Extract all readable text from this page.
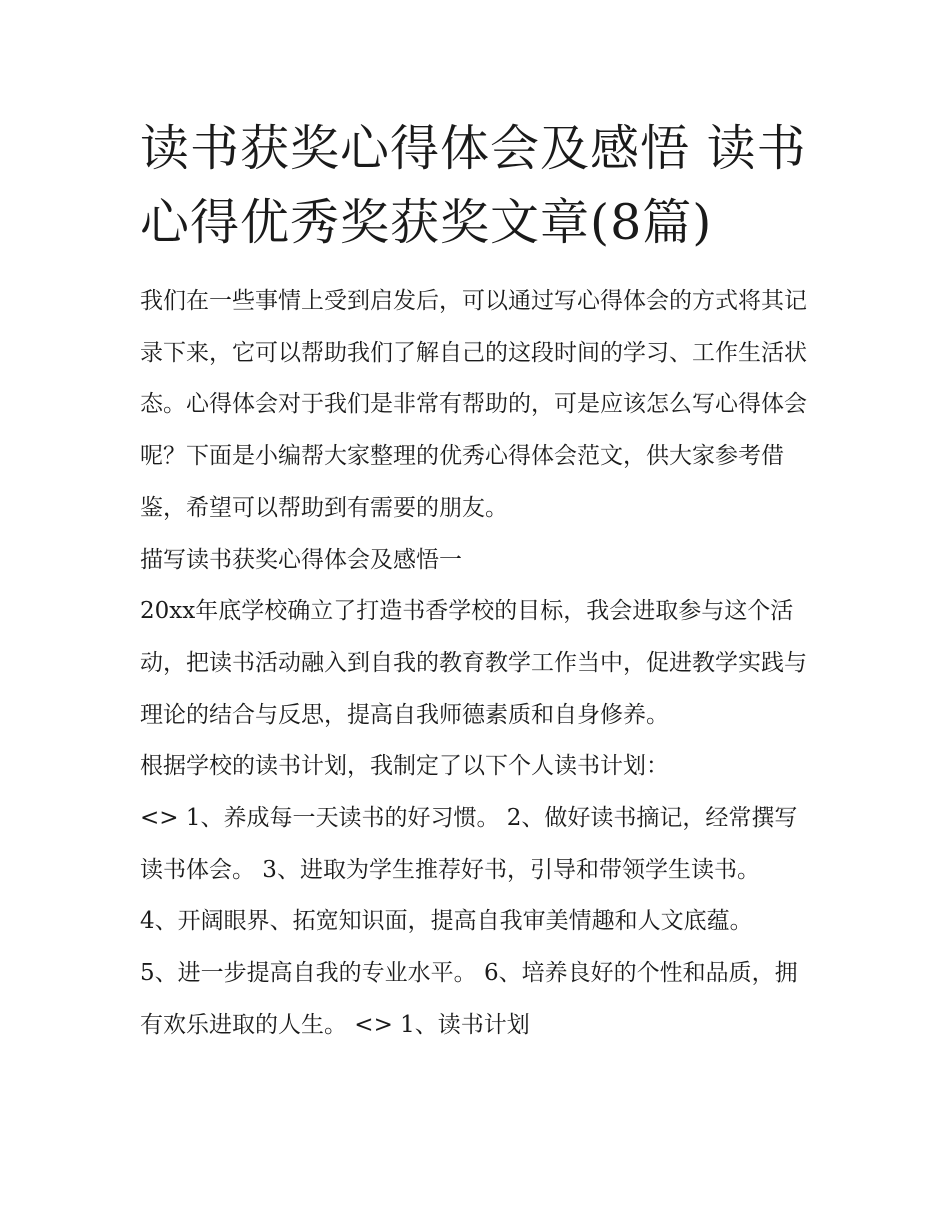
读书获奖心得体会及感悟 读书
心得优秀奖获奖文章(8篇)

我们在一些事情上受到启发后，可以通过写心得体会的方式将其记录下来，它可以帮助我们了解自己的这段时间的学习、工作生活状态。心得体会对于我们是非常有帮助的，可是应该怎么写心得体会呢？下面是小编帮大家整理的优秀心得体会范文，供大家参考借鉴，希望可以帮助到有需要的朋友。

描写读书获奖心得体会及感悟一

20xx年底学校确立了打造书香学校的目标，我会进取参与这个活动，把读书活动融入到自我的教育教学工作当中，促进教学实践与理论的结合与反思，提高自我师德素质和自身修养。

根据学校的读书计划，我制定了以下个人读书计划：

<> 1、养成每一天读书的好习惯。 2、做好读书摘记，经常撰写读书体会。 3、进取为学生推荐好书，引导和带领学生读书。

4、开阔眼界、拓宽知识面，提高自我审美情趣和人文底蕴。

5、进一步提高自我的专业水平。 6、培养良好的个性和品质，拥有欢乐进取的人生。 <> 1、读书计划
